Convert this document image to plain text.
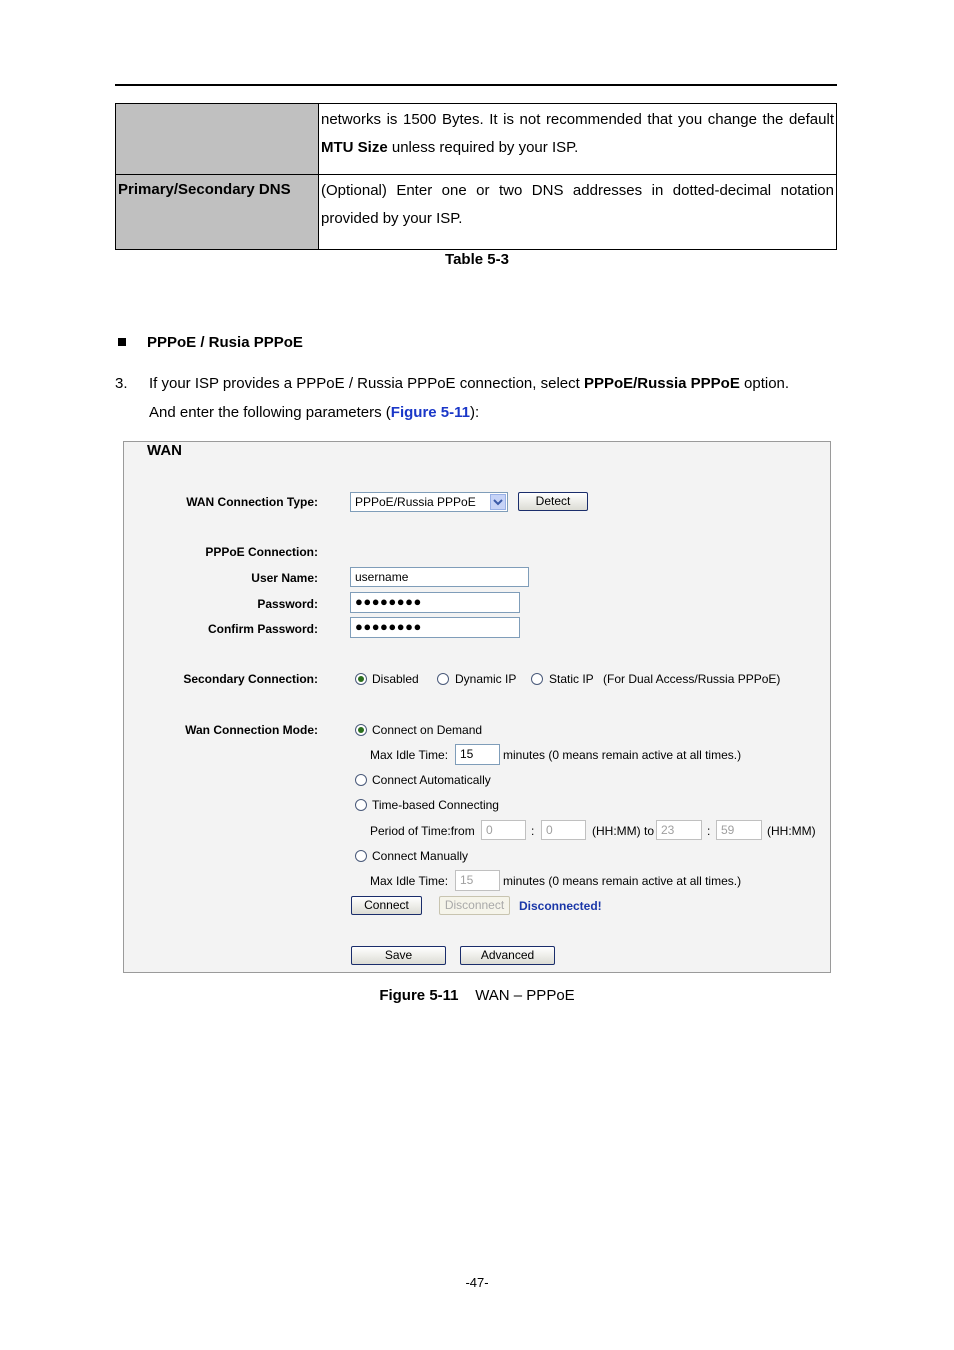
	networks is 1500 Bytes. It is not recommended that you change the default MTU Size unless required by your ISP.
Primary/Secondary DNS	(Optional) Enter one or two DNS addresses in dotted-decimal notation provided by your ISP.
Table 5-3
PPPoE / Rusia PPPoE
3. If your ISP provides a PPPoE / Russia PPPoE connection, select PPPoE/Russia PPPoE option.
And enter the following parameters (Figure 5-11):
WAN
WAN Connection Type:	PPPoE/Russia PPPoE	Detect
PPPoE Connection:
User Name:	username
Password:	●●●●●●●●
Confirm Password:	●●●●●●●●
Secondary Connection:	Disabled	Dynamic IP	Static IP (For Dual Access/Russia PPPoE)
Wan Connection Mode:	Connect on Demand
Max Idle Time: 15	minutes (0 means remain active at all times.)
Connect Automatically
Time-based Connecting
Period of Time:from 0	: 0	(HH:MM) to 23	: 59	(HH:MM)
Connect Manually
Max Idle Time: 15	minutes (0 means remain active at all times.)
Connect	Disconnect	Disconnected!
Save	Advanced
Figure 5-11 WAN – PPPoE
-47-
